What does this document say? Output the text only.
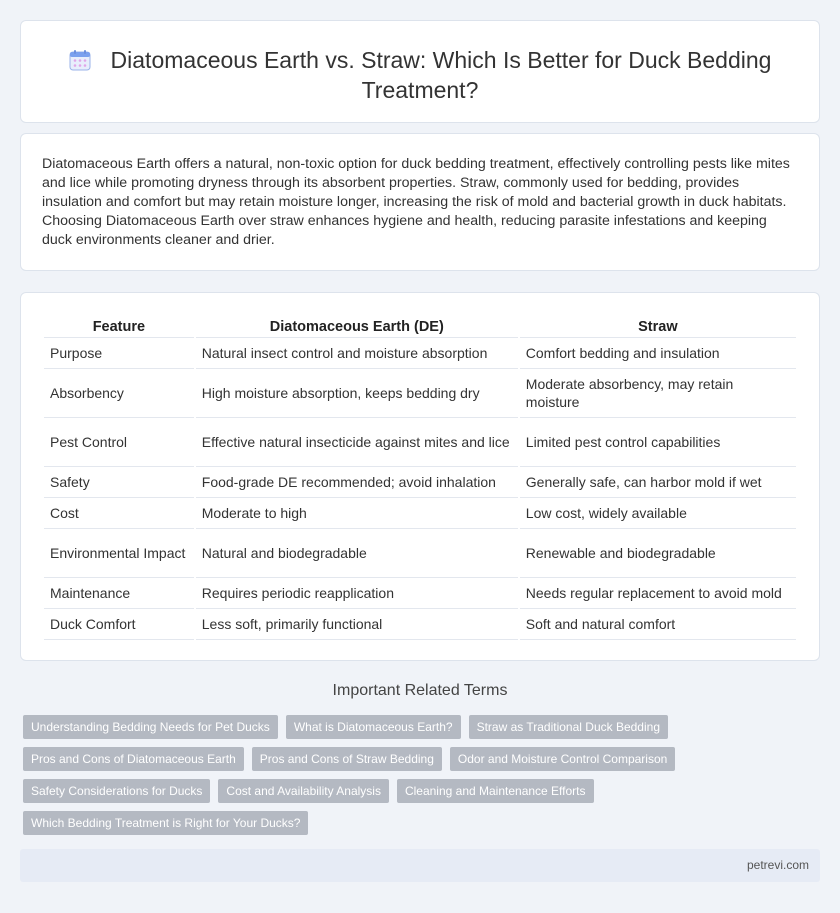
Diatomaceous Earth vs. Straw: Which Is Better for Duck Bedding Treatment?

Diatomaceous Earth offers a natural, non-toxic option for duck bedding treatment, effectively controlling pests like mites and lice while promoting dryness through its absorbent properties. Straw, commonly used for bedding, provides insulation and comfort but may retain moisture longer, increasing the risk of mold and bacterial growth in duck habitats. Choosing Diatomaceous Earth over straw enhances hygiene and health, reducing parasite infestations and keeping duck environments cleaner and drier.

Feature	Diatomaceous Earth (DE)	Straw
Purpose	Natural insect control and moisture absorption	Comfort bedding and insulation
Absorbency	High moisture absorption, keeps bedding dry	Moderate absorbency, may retain moisture
Pest Control	Effective natural insecticide against mites and lice	Limited pest control capabilities
Safety	Food-grade DE recommended; avoid inhalation	Generally safe, can harbor mold if wet
Cost	Moderate to high	Low cost, widely available
Environmental Impact	Natural and biodegradable	Renewable and biodegradable
Maintenance	Requires periodic reapplication	Needs regular replacement to avoid mold
Duck Comfort	Less soft, primarily functional	Soft and natural comfort
Important Related Terms
Understanding Bedding Needs for Pet Ducks	What is Diatomaceous Earth?	Straw as Traditional Duck Bedding
Pros and Cons of Diatomaceous Earth	Pros and Cons of Straw Bedding	Odor and Moisture Control Comparison
Safety Considerations for Ducks	Cost and Availability Analysis	Cleaning and Maintenance Efforts
Which Bedding Treatment is Right for Your Ducks?
petrevi.com
